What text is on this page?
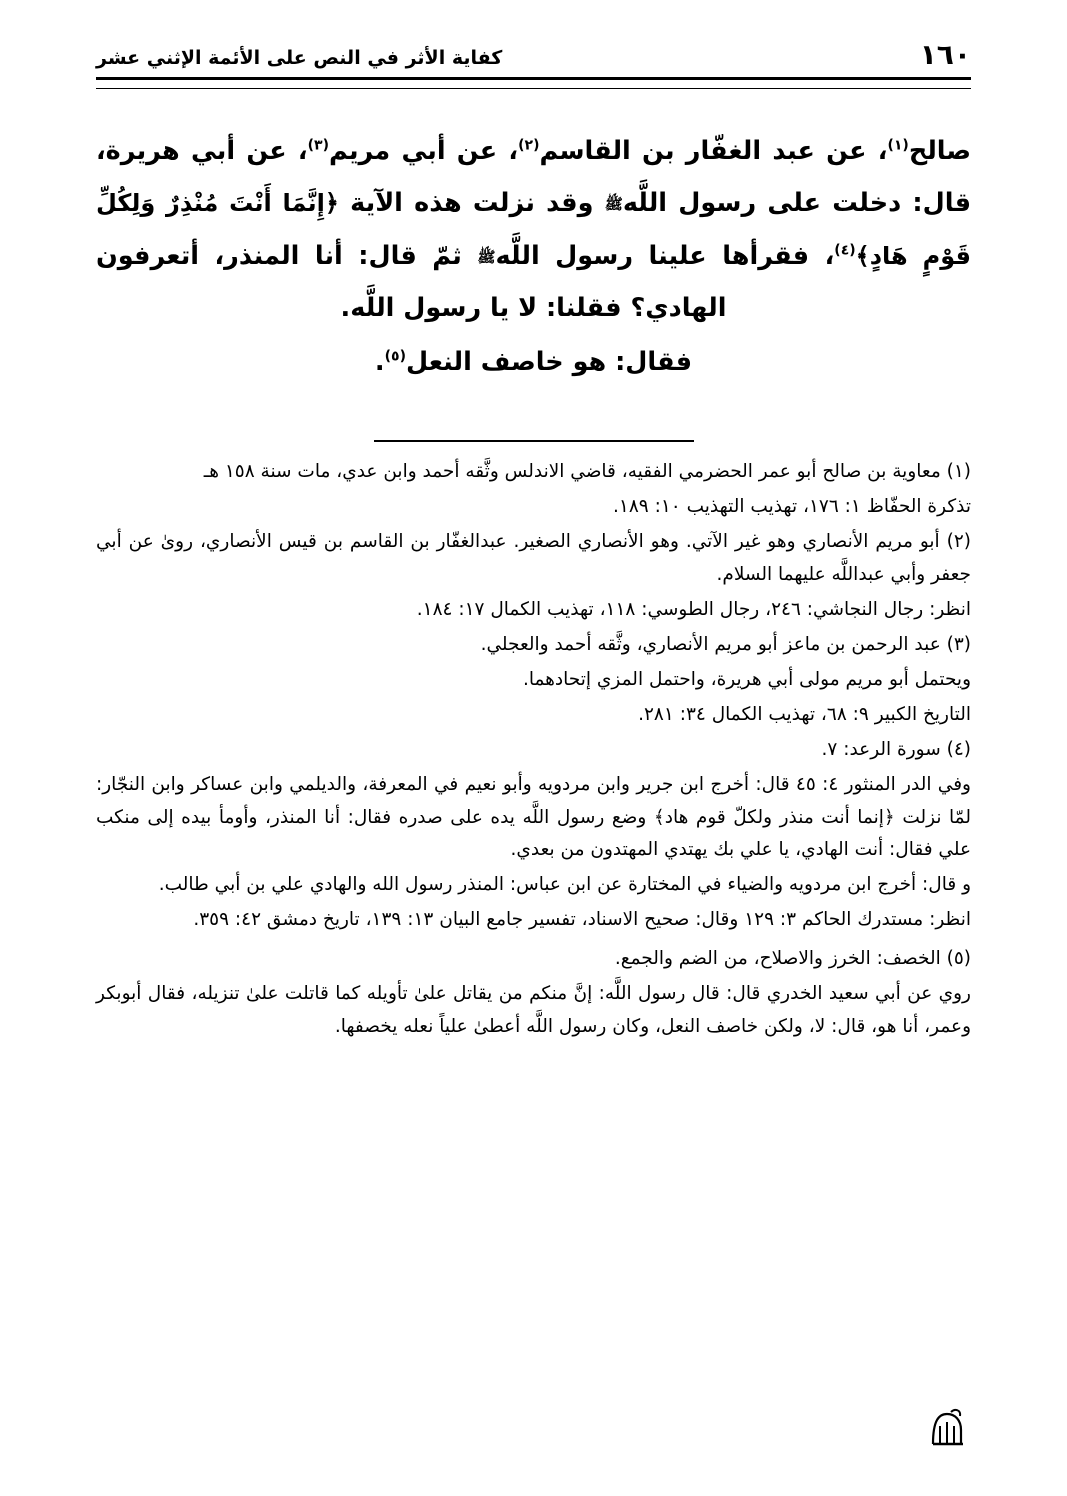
١٦٠
كفاية الأثر في النص على الأئمة الإثني عشر
صالح$^{(١)}$، عن عبد الغفّار بن القاسم$^{(٢)}$، عن أبي مريم$^{(٣)}$، عن أبي هريرة، قال: دخلت على رسول اللَّهﷺ وقد نزلت هذه الآية ﴿إِنَّمَا أَنْتَ مُنْذِرٌ وَلِكُلِّ قَوْمٍ هَادٍ﴾$^{(٤)}$، فقرأها علينا رسول اللَّهﷺ ثمّ قال: أنا المنذر، أتعرفون الهادي؟ فقلنا: لا يا رسول اللَّه.
فقال: هو خاصف النعل$^{(٥)}$.
(١) معاوية بن صالح أبو عمر الحضرمي الفقيه، قاضي الاندلس وثَّقه أحمد وابن عدي، مات سنة ١٥٨ هـ
تذكرة الحفّاظ ١: ١٧٦، تهذيب التهذيب ١٠: ١٨٩.
(٢) أبو مريم الأنصاري وهو غير الآتي. وهو الأنصاري الصغير. عبدالغفّار بن القاسم بن قيس الأنصاري، روىٰ عن أبي جعفر وأبي عبداللَّه عليهما السلام.
انظر: رجال النجاشي: ٢٤٦، رجال الطوسي: ١١٨، تهذيب الكمال ١٧: ١٨٤.
(٣) عبد الرحمن بن ماعز أبو مريم الأنصاري، وثَّقه أحمد والعجلي.
ويحتمل أبو مريم مولى أبي هريرة، واحتمل المزي إتحادهما.
التاريخ الكبير ٩: ٦٨، تهذيب الكمال ٣٤: ٢٨١.
(٤) سورة الرعد: ٧.
وفي الدر المنثور ٤: ٤٥ قال: أخرج ابن جرير وابن مردويه وأبو نعيم في المعرفة، والديلمي وابن عساكر وابن النجّار: لمّا نزلت ﴿إنما أنت منذر ولكلّ قوم هاد﴾ وضع رسول اللَّه يده على صدره فقال: أنا المنذر، وأومأ بيده إلى منكب علي فقال: أنت الهادي، يا علي بك يهتدي المهتدون من بعدي.
و قال: أخرج ابن مردويه والضياء في المختارة عن ابن عباس: المنذر رسول الله والهادي علي بن أبي طالب.
انظر: مستدرك الحاكم ٣: ١٢٩ وقال: صحيح الاسناد، تفسير جامع البيان ١٣: ١٣٩، تاريخ دمشق ٤٢: ٣٥٩.
(٥) الخصف: الخرز والاصلاح، من الضم والجمع.
روي عن أبي سعيد الخدري قال: قال رسول اللَّه: إنَّ منكم من يقاتل علىٰ تأويله كما قاتلت علىٰ تنزيله، فقال أبوبكر وعمر، أنا هو، قال: لا، ولكن خاصف النعل، وكان رسول اللَّه أعطىٰ علياً نعله يخصفها.
